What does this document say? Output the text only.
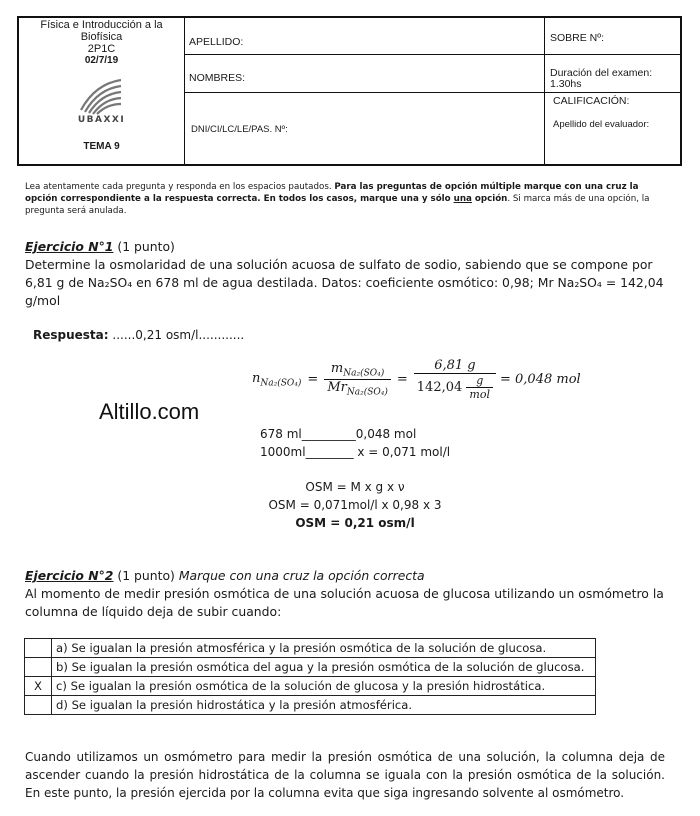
Física e Introducción a la
Biofísica
2P1C
02/7/19
UBAXXI
TEMA 9
APELLIDO:
NOMBRES:
DNI/CI/LC/LE/PAS. Nº:
SOBRE Nº:
Duración del examen:
1.30hs
CALIFICACIÓN:
Apellido del evaluador:
Lea atentamente cada pregunta y responda en los espacios pautados. Para las preguntas de opción múltiple marque con una cruz la opción correspondiente a la respuesta correcta. En todos los casos, marque una y sólo una opción. Si marca más de una opción, la pregunta será anulada.
Ejercicio N°1 (1 punto)
Determine la osmolaridad de una solución acuosa de sulfato de sodio, sabiendo que se compone por 6,81 g de Na₂SO₄ en 678 ml de agua destilada. Datos: coeficiente osmótico: 0,98; Mr Na₂SO₄ = 142,04 g/mol
Respuesta: ......0,21 osm/l............
$n_{Na_2(SO_4)} = \frac{m_{Na_2(SO_4)}}{Mr_{Na_2(SO_4)}} = \frac{6,81 g}{142,04 \frac{g}{\text{mol}}} = 0,048$ mol
Altillo.com
678 ml_________0,048 mol
1000ml________ x = 0,071 mol/l
OSM = M x g x ν
OSM = 0,071mol/l x 0,98 x 3
OSM = 0,21 osm/l
Ejercicio N°2 (1 punto) Marque con una cruz la opción correcta
Al momento de medir presión osmótica de una solución acuosa de glucosa utilizando un osmómetro la columna de líquido deja de subir cuando:
	a) Se igualan la presión atmosférica y la presión osmótica de la solución de glucosa.
	b) Se igualan la presión osmótica del agua y la presión osmótica de la solución de glucosa.
X	c) Se igualan la presión osmótica de la solución de glucosa y la presión hidrostática.
	d) Se igualan la presión hidrostática y la presión atmosférica.
Cuando utilizamos un osmómetro para medir la presión osmótica de una solución, la columna deja de ascender cuando la presión hidrostática de la columna se iguala con la presión osmótica de la solución. En este punto, la presión ejercida por la columna evita que siga ingresando solvente al osmómetro.
